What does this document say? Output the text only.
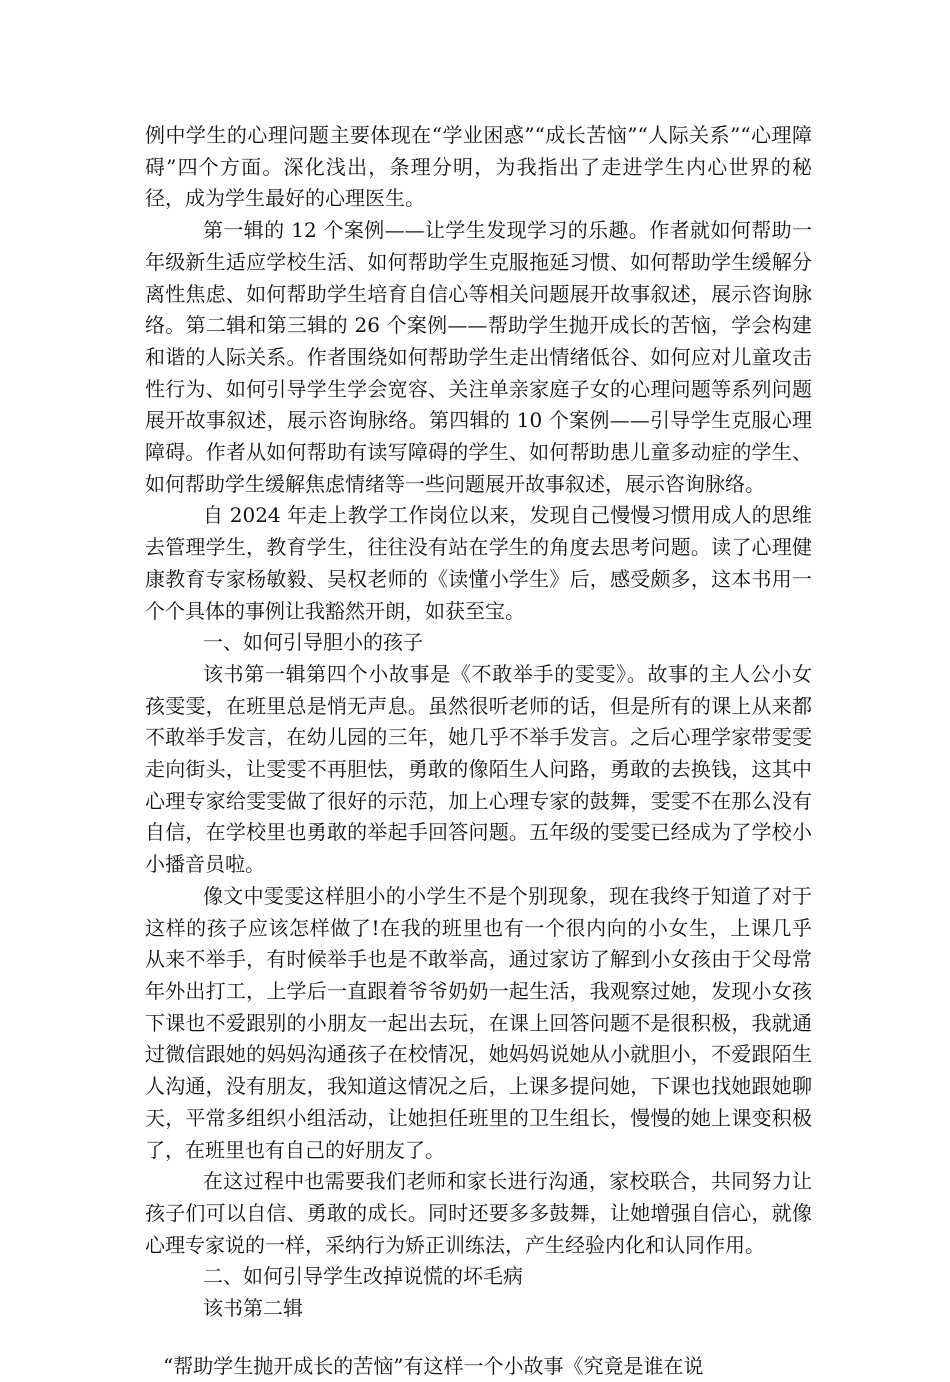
例中学生的心理问题主要体现在“学业困惑”“成长苦恼”“人际关系”“心理障碍”四个方面。深化浅出，条理分明，为我指出了走进学生内心世界的秘径，成为学生最好的心理医生。

第一辑的 12 个案例——让学生发现学习的乐趣。作者就如何帮助一年级新生适应学校生活、如何帮助学生克服拖延习惯、如何帮助学生缓解分离性焦虑、如何帮助学生培育自信心等相关问题展开故事叙述，展示咨询脉络。第二辑和第三辑的 26 个案例——帮助学生抛开成长的苦恼，学会构建和谐的人际关系。作者围绕如何帮助学生走出情绪低谷、如何应对儿童攻击性行为、如何引导学生学会宽容、关注单亲家庭子女的心理问题等系列问题展开故事叙述，展示咨询脉络。第四辑的 10 个案例——引导学生克服心理障碍。作者从如何帮助有读写障碍的学生、如何帮助患儿童多动症的学生、如何帮助学生缓解焦虑情绪等一些问题展开故事叙述，展示咨询脉络。

自 2024 年走上教学工作岗位以来，发现自己慢慢习惯用成人的思维去管理学生，教育学生，往往没有站在学生的角度去思考问题。读了心理健康教育专家杨敏毅、吴权老师的《读懂小学生》后，感受颇多，这本书用一个个具体的事例让我豁然开朗，如获至宝。

一、如何引导胆小的孩子

该书第一辑第四个小故事是《不敢举手的雯雯》。故事的主人公小女孩雯雯，在班里总是悄无声息。虽然很听老师的话，但是所有的课上从来都不敢举手发言，在幼儿园的三年，她几乎不举手发言。之后心理学家带雯雯走向街头，让雯雯不再胆怯，勇敢的像陌生人问路，勇敢的去换钱，这其中心理专家给雯雯做了很好的示范，加上心理专家的鼓舞，雯雯不在那么没有自信，在学校里也勇敢的举起手回答问题。五年级的雯雯已经成为了学校小小播音员啦。

像文中雯雯这样胆小的小学生不是个别现象，现在我终于知道了对于这样的孩子应该怎样做了!在我的班里也有一个很内向的小女生，上课几乎从来不举手，有时候举手也是不敢举高，通过家访了解到小女孩由于父母常年外出打工，上学后一直跟着爷爷奶奶一起生活，我观察过她，发现小女孩下课也不爱跟别的小朋友一起出去玩，在课上回答问题不是很积极，我就通过微信跟她的妈妈沟通孩子在校情况，她妈妈说她从小就胆小，不爱跟陌生人沟通，没有朋友，我知道这情况之后，上课多提问她，下课也找她跟她聊天，平常多组织小组活动，让她担任班里的卫生组长，慢慢的她上课变积极了，在班里也有自己的好朋友了。

在这过程中也需要我们老师和家长进行沟通，家校联合，共同努力让孩子们可以自信、勇敢的成长。同时还要多多鼓舞，让她增强自信心，就像心理专家说的一样，采纳行为矫正训练法，产生经验内化和认同作用。

二、如何引导学生改掉说慌的坏毛病

该书第二辑

“帮助学生抛开成长的苦恼”有这样一个小故事《究竟是谁在说
